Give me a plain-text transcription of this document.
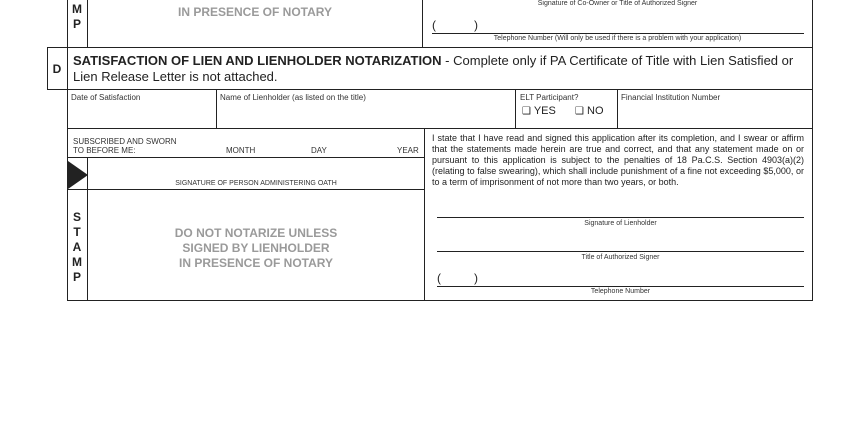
M
P
IN PRESENCE OF NOTARY
Signature of Co-Owner or Title of Authorized Signer
(	)
Telephone Number (Will only be used if there is a problem with your application)
D
SATISFACTION OF LIEN AND LIENHOLDER NOTARIZATION - Complete only if PA Certificate of Title with Lien Satisfied or Lien Release Letter is not attached.
Date of Satisfaction	Name of Lienholder (as listed on the title)	ELT Participant?
❑ YES ❑ NO
Financial Institution Number
SUBSCRIBED AND SWORN
TO BEFORE ME:	MONTH	DAY	YEAR
SIGNATURE OF PERSON ADMINISTERING OATH
S
T
A
M
P
DO NOT NOTARIZE UNLESS
SIGNED BY LIENHOLDER
IN PRESENCE OF NOTARY
I state that I have read and signed this application after its completion, and I swear or affirm that the statements made herein are true and correct, and that any statement made on or pursuant to this application is subject to the penalties of 18 Pa.C.S. Section 4903(a)(2) (relating to false swearing), which shall include punishment of a fine not exceeding $5,000, or to a term of imprisonment of not more than two years, or both.
Signature of Lienholder
Title of Authorized Signer
(	)
Telephone Number
